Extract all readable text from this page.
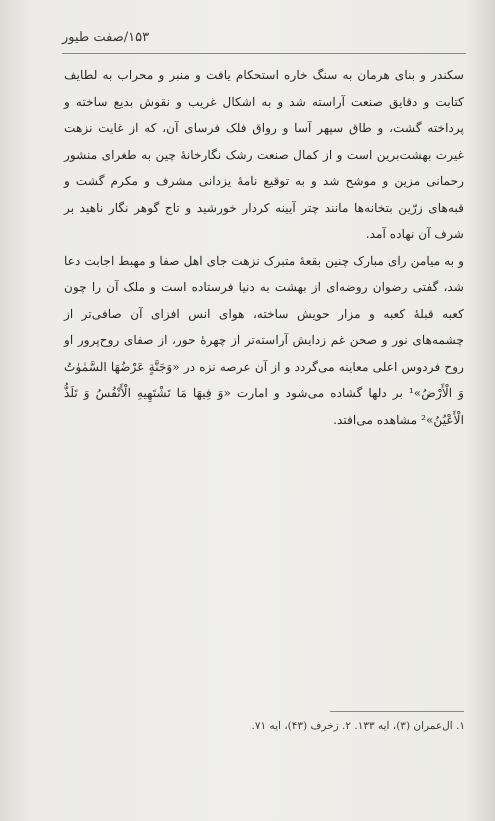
۱۵۳/صفت طیور

سکندر و بنای هرمان به سنگ خاره استحکام یافت و منبر و محراب به لطایف کتابت و دقایق صنعت آراسته شد و به اشکال غریب و نقوش بدیع ساخته و پرداخته گشت، و طاق سپهر آسا و رواق فلک فرسای آن، که از غایت نزهت غیرت بهشت‌برین است و از کمال صنعت رشک نگارخانهٔ چین به طغرای منشور رحمانی مزین و موشح شد و به توقیع نامهٔ یزدانی مشرف و مکرم گشت و قبه‌های زرّین بتخانه‌ها مانند چتر آیینه کردار خورشید و تاج گوهر نگار ناهید بر شرف آن نهاده آمد.

و به میامن رای مبارک چنین بقعهٔ متبرک نزهت جای اهل صفا و مهبط اجابت دعا شد، گفتی رضوان روضه‌ای از بهشت به دنیا فرستاده است و ملک آن را چون کعبه قبلهٔ کعبه و مزار حویش ساخته، هوای انس افزای آن صافی‌تر از چشمه‌های نور و صحن غم زدایش آراسته‌تر از چهرهٔ حور، از صفای روح‌پرور او روح فردوس اعلی معاینه می‌گردد و از آن عرصه نزه در «وَجَنَّةٍ عَرْضُهَا السَّمٰوٰتُ وَ الْأَرْضُ»¹ بر دلها گشاده می‌شود و امارت «وَ فِيهَا مَا تَشْتَهِيهِ الْأَنْفُسُ وَ تَلَذُّ الْأَعْيُنُ»² مشاهده می‌افتد.

۱. آل‌عمران (۳)، آیه ۱۳۳. ۲. زخرف (۴۳)، آیه ۷۱.
